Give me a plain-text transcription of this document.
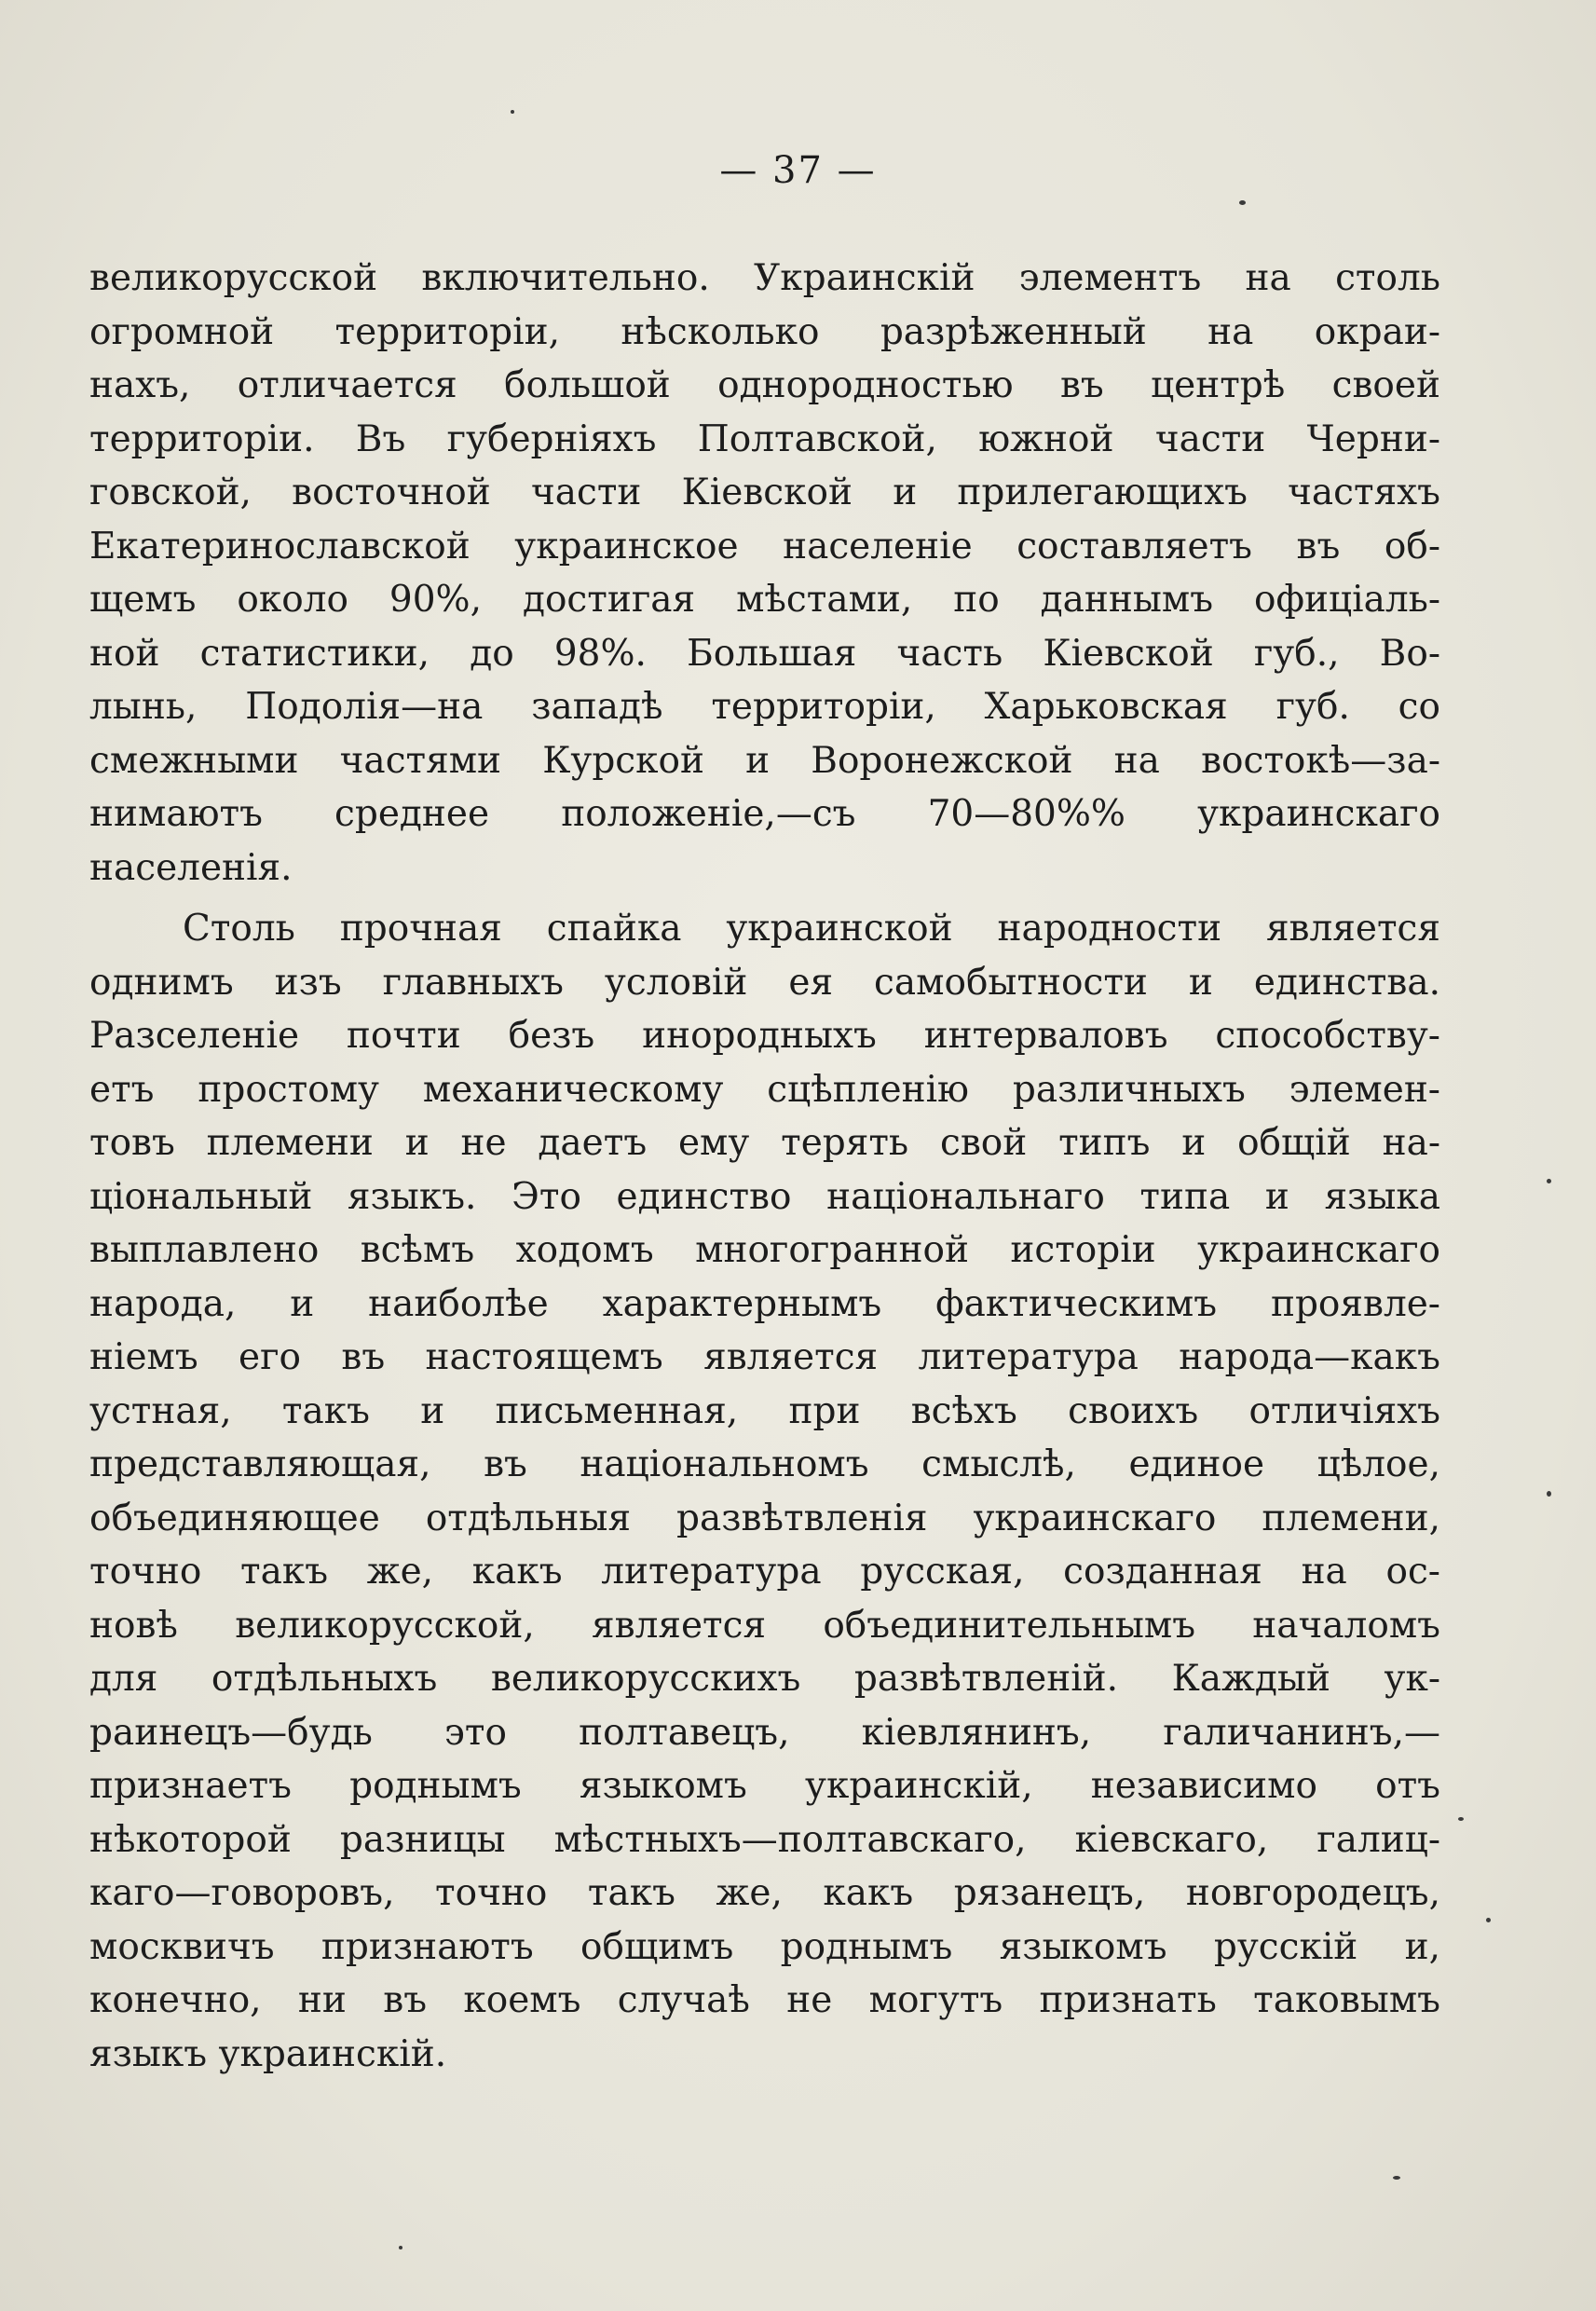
— 37 —
великорусской включительно. Украинскій элементъ на столь
огромной территоріи, нѣсколько разрѣженный на окраи-
нахъ, отличается большой однородностью въ центрѣ своей
территоріи. Въ губерніяхъ Полтавской, южной части Черни-
говской, восточной части Кіевской и прилегающихъ частяхъ
Екатеринославской украинское населеніе составляетъ въ об-
щемъ около 90%, достигая мѣстами, по даннымъ офиціаль-
ной статистики, до 98%. Большая часть Кіевской губ., Во-
лынь, Подолія—на западѣ территоріи, Харьковская губ. со
смежными частями Курской и Воронежской на востокѣ—за-
нимаютъ среднее положеніе,—съ 70—80%% украинскаго
населенія.
Столь прочная спайка украинской народности является
однимъ изъ главныхъ условій ея самобытности и единства.
Разселеніе почти безъ инородныхъ интерваловъ способству-
етъ простому механическому сцѣпленію различныхъ элемен-
товъ племени и не даетъ ему терять свой типъ и общій на-
ціональный языкъ. Это единство національнаго типа и языка
выплавлено всѣмъ ходомъ многогранной исторіи украинскаго
народа, и наиболѣе характернымъ фактическимъ проявле-
ніемъ его въ настоящемъ является литература народа—какъ
устная, такъ и письменная, при всѣхъ своихъ отличіяхъ
представляющая, въ національномъ смыслѣ, единое цѣлое,
объединяющее отдѣльныя развѣтвленія украинскаго племени,
точно такъ же, какъ литература русская, созданная на ос-
новѣ великорусской, является объединительнымъ началомъ
для отдѣльныхъ великорусскихъ развѣтвленій. Каждый ук-
раинецъ—будь это полтавецъ, кіевлянинъ, галичанинъ,—
признаетъ роднымъ языкомъ украинскій, независимо отъ
нѣкоторой разницы мѣстныхъ—полтавскаго, кіевскаго, галиц-
каго—говоровъ, точно такъ же, какъ рязанецъ, новгородецъ,
москвичъ признаютъ общимъ роднымъ языкомъ русскій и,
конечно, ни въ коемъ случаѣ не могутъ признать таковымъ
языкъ украинскій.
